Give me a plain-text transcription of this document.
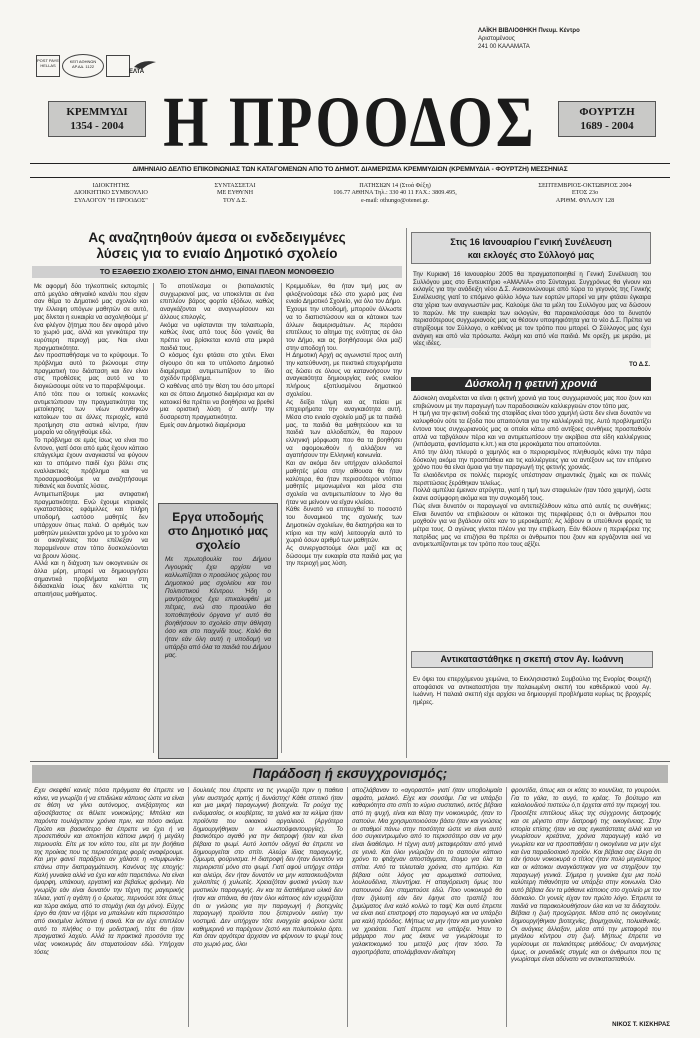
ΛΑΪΚΗ ΒΙΒΛΙΟΘΗΚΗ Πνευμ. Κέντρο
Αριστομένους
241 00 ΚΑΛΑΜΑΤΑ
POST PAYE HELLAS
ΚΕΠ ΑΘΗΝΩΝ
ΑΡ.ΑΔ. 1122
ΕΛΤΑ
ΚΡΕΜΜΥΔΙ
1354 - 2004 Η ΠΡΟΟΔΟΣ	ΦΟΥΡΤΖΗ
1689 - 2004
ΔΙΜΗΝΙΑΙΟ ΔΕΛΤΙΟ ΕΠΙΚΟΙΝΩΝΙΑΣ ΤΩΝ ΚΑΤΑΓΟΜΕΝΩΝ ΑΠΟ ΤΟ ΔΗΜΟΤ. ΔΙΑΜΕΡΙΣΜΑ ΚΡΕΜΜΥΔΙΩΝ (ΚΡΕΜΜΥΔΙΑ - ΦΟΥΡΤΖΗ) ΜΕΣΣΗΝΙΑΣ
ΙΔΙΟΚΤΗΤΗΣ
ΔΙΟΙΚΗΤΙΚΟ ΣΥΜΒΟΥΛΙΟ
ΣΥΛΛΟΓΟΥ "Η ΠΡΟΟΔΟΣ"
ΣΥΝΤΑΣΣΕΤΑΙ
ΜΕ ΕΥΘΥΝΗ
ΤΟΥ Δ.Σ.
ΠΑΤΗΣΙΩΝ 14 (Στοά Φέξη)
106.77 ΑΘΗΝΑ Τηλ.: 330 40 11 FAX.: 3809.495,
e-mail: othungo@otenet.gr.
ΣΕΠΤΕΜΒΡΙΟΣ-ΟΚΤΩΒΡΙΟΣ 2004
ΕΤΟΣ 23ο
ΑΡΙΘΜ. ΦΥΛΛΟΥ 128
Ας αναζητηθούν άμεσα οι ενδεδειγμένες
λύσεις για το ενιαίο Δημοτικό σχολείο
ΤΟ ΕΞΑΘΕΣΙΟ ΣΧΟΛΕΙΟ ΣΤΟΝ ΔΗΜΟ, ΕΙΝΑΙ ΠΛΕΟΝ ΜΟΝΟΘΕΣΙΟ

Με αφορμή δύο τηλεοπτικές εκπομπές από μεγάλο αθηναϊκό κανάλι που είχαν σαν θέμα το Δημοτικό μας σχολείο και την έλλειψη υπόγων μαθητών σε αυτό, μας δίνεται η ευκαιρία να ασχοληθούμε μ' ένα φλέγον ζήτημα που δεν αφορά μόνο το χωριό μας, αλλά και γενικότερα την ευρύτερη περιοχή μας. Ναι είναι πραγματικότητα.

Δεν προσπαθήσαμε να το κρύψουμε. Το πρόβλημα αυτό το βιώνουμε στην πραγματική του διάσταση και δεν είναι στις προθέσεις μας αυτό να το διογκώσουμε ούτε να το παραβλέψουμε.

Από τότε που οι τοπικές κοινωνίες αντιμετώπισαν την πραγματικότητα της μετοίκησης των νέων συνθηκών κατοίκων του σε άλλες περιοχές, κατά προτίμηση στα αστικά κέντρα, ήταν μοιραίο να οδηγηθούμε εδώ.

Το πρόβλημα σε εμάς ίσως να είναι πιο έντονο, γιατί όσοι από εμάς έχουν κάποιο επάγγελμα έχουν αναγκαστεί να φύγουν και το απόμενο παιδί έχει βάλει στις εναλλακτικές πρόβλημα και να προσαρμοσθούμε να αναζητήσουμε πιθανές και δυνατές λύσεις.

Αντιμετωπίζουμε μια αντιφατική πραγματικότητα. Ενώ έχουμε κτιριακές εγκαταστάσεις εφάμιλλες και πλήρη υποδομή, ωστόσο μαθητές δεν υπάρχουν όπως παλιά. Ο αριθμός των μαθητών μειώνεται χρόνο με το χρόνο και οι οικογένειες που επέλεξαν να παραμείνουν στον τόπο δυσκολεύονται να βρουν λύσεις.

Αλλά και η διάχυση των οικογενειών σε άλλα μέρη, μπορεί να δημιουργήσει σημαντικά προβλήματα και στη διδασκαλία ίσως δεν καλύπτει τις απαιτήσεις μαθήματος.

Το αποτέλεσμα οι βιοπαλαιστές συγχωριανοί μας, να υποκείνται σε ένα επιπλέον βάρος φορτίο εξόδων, καθώς αναγκάζονται να αναγνωρίσουν και άλλους επιλογές.

Ακόμα να υφίστανται την ταλαιπωρία, καθώς ένας από τους δύο γονείς θα πρέπει να βρίσκεται κοντά στα μικρά παιδιά τους.

Ο κόσμος έχει φτάσει στο χτένι. Είναι σίγουρο ότι και το υπόλοιπο Δημοτικό διαμέρισμα αντιμετωπίζουν το ίδιο σχεδόν πρόβλημα.

Ο καθένας από την θέση του όσο μπορεί και σε όποιο Δημοτικό διαμέρισμα και αν κατοικεί θα πρέπει να βοηθήσει να βρεθεί μια οριστική λύση ο' αυτήν την δυσαρεστη πραγματικότητα.

Εμείς σαν Δημοτικό διαμέρισμα

Κρεμμυδίων, θα ήταν τιμή μας αν φιλοξενούσαμε εδώ στο χωριό μας ένα ενιαίο Δημοτικό Σχολείο, για όλο τον Δήμο.

Έχουμε την υποδομή, μπορούν άλλωστε να το διαπιστώσουν και οι κάτοικοι των άλλων διαμερισμάτων. Ας περάσει επιτέλους το αίτημα της ενότητας σε όλο τον Δήμο, και ας βοηθήσουμε όλοι μαζί στην αποδοχή του.

Η Δημοτική Αρχή ας αγωνιστεί προς αυτή την κατεύθυνση, με πειστικά επιχειρήματα ας δώσει σε όλους να κατανοήσουν την αναγκαιότητα δημιουργίας ενός ενιαίου πλήρους εξοπλισμένου δημοτικού σχολείου.

Ας δείξει τόλμη και ας πείσει με επιχειρήματα την αναγκαιότητα αυτή. Μέσα στο ενιαίο σχολείο μαζί με τα παιδιά μας, τα παιδιά θα μαθητεύουν και τα παιδιά των αλλοδαπών, θα παρουν ελληνική μόρφωση που θα τα βοηθήσει να αφομοιωθούν ή αλλάζουν να αγαπήσουν την Ελληνική κοινωνία.

Και αν ακόμα δεν υπήρχαν αλλοδαποί μαθητές μέσα στην αίθουσα θα ήταν καλύτερα, θα ήταν περισσότεροι ντόπιοι μαθητές μεμονωμένοι και μέσα στα σχολεία να αντιμετωπίσουν το λίγο θα ήταν να μείνουν να είχαν κλείσει.

Κάθε δυνατό να επιτευχθεί το ποσοστό του δυναμικού της σχολικής των Δημοτικών σχολείων, θα διατηρήσει και το κτίριο και την καλή λειτουργία αυτό το χωριό όσων αριθμό των μαθητών.

Ας συνεργαστούμε όλοι μαζί και ας δώσουμε την ευκαιρία στα παιδιά μας για την περιοχή μας λύση.

Εργα υποδομής στο Δημοτικό μας σχολείο

Με πρωτοβουλία του Δήμου Λιγουριάς έχει αρχίσει να καλλωπίζεται ο προαύλιος χώρος του Δημοτικού μας σχολείου και του Πολιτιστικού Κέντρου. Ήδη ο μαντρότοιχος έχει επικαλυφθεί με πέτρες, ενώ στο προαύλιο θα τοποθετηθούν όργανα γι' αυτό θα βοηθήσουν το σχολείο στην άθληση όσο και στο παιχνίδι τους. Καλό θα ήταν εάν όλη αυτή η υποδομή να υπάρξει από όλα τα παιδιά του Δήμου μας.

Στις 16 Ιανουαρίου Γενική Συνέλευση
και εκλογές στο Σύλλογό μας

Την Κυριακή 16 Ιανουαρίου 2005 θα πραγματοποιηθεί η Γενική Συνέλευση του Συλλόγου μας στο Εντευκτήριο «ΑΜΑΛΙΑ» στο Σύνταγμα. Συγχρόνως θα γίνουν και εκλογές για την ανάδειξη νέου Δ.Σ. Ανακοινώνουμε από τώρα το γεγονός της Γενικής Συνέλευσης γιατί το επόμενο φύλλο λόγω των εορτών μπορεί να μην φτάσει έγκαιρα στα χέρια των αναγνωστών μας. Καλούμε όλα τα μέλη του Συλλόγου μας να δώσουν το παρών. Με την ευκαιρία των εκλογών, θα παρακαλούσαμε όσο το δυνατόν περισσότερους συγχωριανούς μας να θέσουν υποψηφιότητα για το νέο Δ.Σ. Πρέπει να στηρίξουμε τον Σύλλογο, ο καθένας με τον τρόπο που μπορεί. Ο Σύλλογος μας έχει ανάγκη και από νέα πρόσωπα. Ακόμη και από νέα παιδιά. Με ορεξη, με μεράκι, με νέες ιδέες.

ΤΟ Δ.Σ.
Δύσκολη η φετινή χρονιά

Δύσκολη αναμένεται να είναι η φετινή χρονιά για τους συγχωριανούς μας που ζουν και επιβιώνουν με την παραγωγή των παραδοσιακών καλλιεργειών στον τόπο μας.

Η τιμή για την φετινή σοδειά της σταφίδας είναι τόσο χαμηλή ώστε δεν είναι δυνατόν να καλυφθούν ούτε τα έξοδα που απαιτούνται για την καλλιέργειά της. Αυτό προβληματίζει έντονα τους συγχωριανούς μας οι οποίοι κάτω από αντίξοες συνθήκες προσπαθούν απλά να ταβγάλουν πέρα και να αντιμετωπίσουν την ακρίβεια στα είδη καλλιέργειας (λιπάσματα, φαντίσματα κ.λπ.) και στα μεροκάματα που απαιτούνται.

Από την άλλη πλευρά ο χαμηλός και ο περιορισμένος πληθυσμός κάνει την πάρα δύσκολη ακόμα την προσπάθεια και τις καλλιέργειες για να αντέξουν ως τον επόμενο χρόνο που θα είναι όμοια για την παραγωγή της φετινής χρονιάς.

Τα ελαιόδεντρα σε πολλές περιοχές υπέστησαν σημαντικές ζημιές και σε πολλές περιπτώσεις ξεράθηκαν τελείως.

Πολλά αμπέλια έμειναν ατρύγητα, γιατί η τιμή των σταφυλιών ήταν τόσο χαμηλή, ώστε έκανε ασύμφορη ακόμα και την συγκομιδή τους.

Πώς είναι δυνατόν οι παραγωγοί να αντεπεξέλθουν κάτω από αυτές τις συνθήκες; Είναι δυνατόν να επιβιώσουν οι κάτοικοι της περιφέρειας ό,τι οι άνθρωποι που μοχθούν για να βγάλουν ούτε καν το μεροκάματό; Ας λάβουν οι υπεύθυνοι φορείς τα μέτρα τους. Ο αγώνας γίνεται πλέον για την επιβίωση. Εάν θέλουν η περιφέρεια της πατρίδας μας να επιζήσει θα πρέπει οι άνθρωποι που ζουν και εργάζονται εκεί να αντιμετωπίζονται με τον τρόπο που τους αξίζει.

Αντικαταστάθηκε η σκεπή στον Αγ. Ιωάννη

Εν όψει του επερχόμενου χειμώνα, το Εκκλησιαστικό Συμβούλιο της Ενορίας Φουρτζή αποφάσισε να αντικαταστήσει την παλαιωμένη σκεπή του καθεδρικού ναού Αγ. Ιωάννη. Η παλαιά σκεπή είχε αρχίσει να δημιουργεί προβλήματα κυρίως τις βροχερές ημέρες.

Παράδοση ή εκσυγχρονισμός;

Εχει σκεφθεί κανείς πόσα πράγματα θα έπρεπε να κάνει, να γνωρίζει ή να επιδιώκει κάποιος ώστε να είναι σε θέση να γίνει αυτόνομος, ανεξάρτητος και αξιοσέβαστος σε θέλετε νοικοκύρης; Μπόλια και παρόντα τουλάχιστον χρόνια πριν, και πόσο ακόμα. Πρώτο και βασικότερο θα έπρεπε να έχει ή να προσεπιθούν και αποκτήσει κάποια μικρή ή μεγάλη περιουσία. Είτε με τον κόπο του, είτε με την βοήθεια της προίκας που τις περισσότερες φορές αναφέρουμε. Και μην φανεί παράξενο αν χάλασε η «συμφωνία» επάνω στην διαπραγμάτευση. Κανόνας της εποχής: Καλή γυναίκα αλλά να έχει και κάτι παρεπάνω. Να είναι όμορφη, υπάκουη, εργατική και βεβαίως φρόνιμη. Να γνωρίζει εάν είναι δυνατόν την τέχνη της μαγειρικής τέλεια, γιατί η αγάπη ή ο έρωτας, περνούσε τότε όπως και τώρα ακόμα, από το στομάχι (και όχι μόνο). Εύχης έργο θα ήταν να ήξερε να μπαλώνει κάτι περισσότερο από σκισμένα λιόπανα ή σακιά. Και αν είχε επιπλέον αυτό το πλήθος ο την μοδιστρική, τότε θα ήταν πραγματικό λαχείο. Αλλά τα πρακτικά προσόντα της νέας νοικοκυράς δεν σταματούσαν εδώ. Υπήρχαν τόσες

δουλειές που έπρεπε να τις γνωρίζει πριν η παθεια γίνει αυστηρός κριτής ή δυνάστης! Κάθε σπιτικό ήταν και μια μικρή παραγωγική βιοτεχνία. Τα ρούχα της ενδυμασίας, οι κουβέρτες, τα χαλιά και τα κιλίμια ήταν προϊόντα του οικιακού αργαλειού. (Αργότερα δημιουργήθηκαν οι κλωστοϋφαντουργίες). Το βασικότερο αγαθό για την διατροφή ήταν και είναι βέβαια το ψωμί. Αυτό λοιπόν οδηγεί θα έπρεπε να δημιουργείται στο σπίτι. Αλεύρι ίδιας παραγωγής, ζύμωμα, φούρνισμα. Η διατροφή δεν ήταν δυνατόν να περιοριστεί μόνο στο ψωμί. Γιατί αφού υπήρχε σιτάρι και αλεύρι, δεν ήταν δυνατόν να μην κατασκευάζονται χυλοπίτες ή χυλωτές. Χρειαζόταν φυσικά γνώση των μυστικών παραγωγής. Αν και τα διατιθέμενα υλικά δεν ήταν και σπάνια, θα ήταν όλοι κάποιος εάν ισχυρίζεται ότι οι γνώσεις για την παραγωγή ή βιοτεχνίες παραγωγή προϊόντα που ξεπερνούν εκείνη την νοστιμιά. Δεν υπήρχαν τότε εναγχεία φούρνοι ώστε καθημερινά να παρέχουν ζεστό και πολυποίκιλο άρτο. Και όταν αργότερα άρχισαν να φέρνουν το ψωμί τους στο χωριό μας, όλοι

αποζλάβαναν το «αγοραστό» γιατί ήταν υποβολιμαία αφράτο, μαλακό. Είχε και σουσάμι. Για να υπάρξει καθαριότητα στο σπίτι το κύριο συστατικό, εκτός βέβαια από τη ψυχή, είναι και θέση την νοικοκυράς, ήταν το σαπούνι. Μια χρησιμοποιούσαν βάσει ήταν και γνώσεις οι σταθμοί πάνω στην ποσότητα ώστε να είναι αυτό όσο συγκεντρωμένο από το περισσότερο σαν να μην είναι διαθέσιμο. Η τέχνη αυτή μεταφερόταν από γενιά σε γενιά. Και όλοι γνώριζαν ότι το σαπούνι κάποιο χρόνο το φτιάχναν αποστάγματα, έτοιμο για όλα τα σπίτια. Από τα τελευταία χρόνια, στο εμπόριο. Και βέβαια ούτε λόγος για αρωματικά σαπούνια, λουλουδένια, πλυντήρια. Η απαγόρευση όμως του σαπουνιού δεν σταματούσε εδώ. Ποιο νοικοκυρά θα ήταν ζηλευτή εάν δεν έψηνε στο τραπέζι του ζυμώματος ένα καλό κολλώ το ταψί; Και αυτό έπρεπε να είναι εκεί επιστροφή στο παραγωγό και να υπάρξει μια καλή πρόοδος. Μήπως να μην ήταν και μια γυναίκα να χρειάσει. Γιατί έπρεπε να υπάρξει. Ήταν το μάρμαρο που μας έκανε να γνωρίσουμε το γαλακτοκομικό του μεταξύ μας ήταν τόσο. Τα αγροπρόβατα, απολάμβαναν ιδιαίτερη

φροντίδα, όπως και οι κότες το κουνέλια, το γουρούνι. Για το γάλα, το αυγό, το κρέας. Το βούτυρο και καλαλουδιού πιστεύω ό,τι έρχεται από την περιοχή του. Προσέξτε επιτέλους ιδίως της σύγχρονης διατροφής και σε μέγιστο στην διατροφή της οικογένειας. Στην ιστορία επίσης ήταν να σας εγκατάστατες αλλά και να γνωρίσουν κρεάτινα, χρόνια παραγωγή καλό να γνωρίσει και να προσπαθήσει η οικογένεια να μην είχε και ένα παραδοσιακό προϊόν. Και βέβαια σας έλεγα ότι εάν ήσουν νοικοκυρά ο τίτλος ήταν πολύ μεγαλύτερος και οι κάτοικοι αναγκάστηκαν για να στηρίξουν την παραγωγή γενικά. Σήμερα η γυναίκα έχει μια πολύ καλύτερη πιθανότητα να υπάρξει στην κοινωνία. Όλο αυτό βέβαια δεν τα μάθαινε κάποιος στο σχολείο με τον δάσκαλο. Οι γονείς είχαν τον πρώτο λόγο. Έπρεπε τα παιδιά να παρακολουθήσουν όλα και να τα διδαχτούν. Βέβαια η ζωή προχώρησε. Μέσα από τις οικογένειες δημιουργήθηκαν βιοτεχνίες, βιομηχανίες, πολυεθνικές. Οι ανάγκες άλλαξαν, μέσα από την μεταφορά του μεγάλου κέντρου στη ζωή. Μήπως έπρεπε να γυρίσουμε σε παλαιότερες μεθόδους; Οι αναμνήσεις όμως, οι μοναδικές στιγμές και οι άνθρωποι που τις γνωρίσαμε είναι αδύνατο να αντικατασταθούν.

ΝΙΚΟΣ Τ. ΚΙΣΚΗΡΑΣ
